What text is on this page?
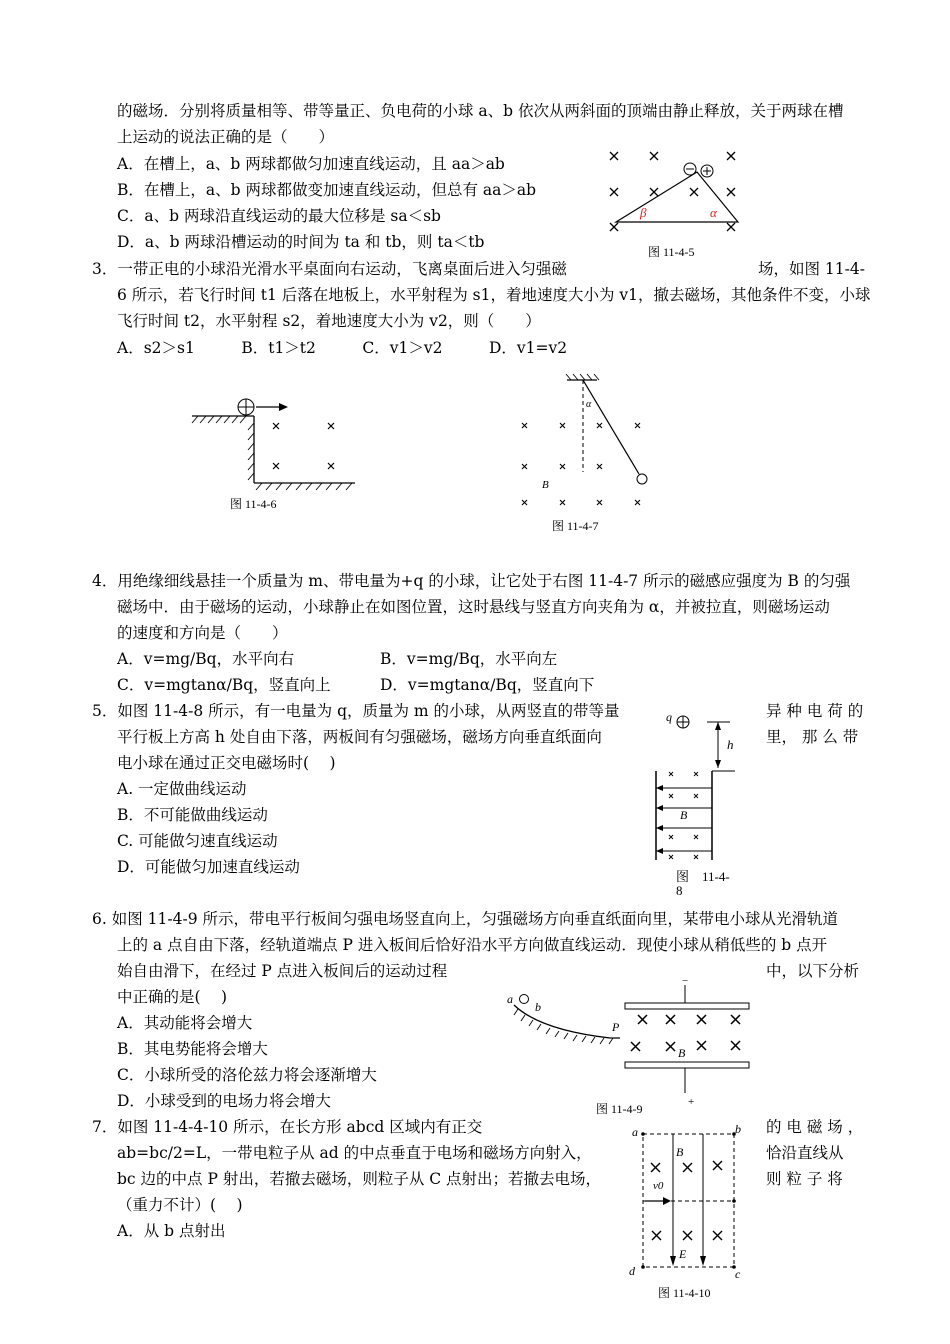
的磁场．分别将质量相等、带等量正、负电荷的小球 a、b 依次从两斜面的顶端由静止释放，关于两球在槽
上运动的说法正确的是（　　）
A．在槽上，a、b 两球都做匀加速直线运动，且 aa＞ab
B．在槽上，a、b 两球都做变加速直线运动，但总有 aa＞ab
C．a、b 两球沿直线运动的最大位移是 sa＜sb
D．a、b 两球沿槽运动的时间为 ta 和 tb，则 ta＜tb
β	α
图 11-4-5
3．一带正电的小球沿光滑水平桌面向右运动，飞离桌面后进入匀强磁	场，如图 11-4-
6 所示，若飞行时间 t1 后落在地板上，水平射程为 s1，着地速度大小为 v1，撤去磁场，其他条件不变，小球
飞行时间 t2，水平射程 s2，着地速度大小为 v2，则（　　）
A．s2＞s1　　　B．t1＞t2　　　C．v1＞v2　　　D．v1=v2
图 11-4-6
α
B
图 11-4-7
4．用绝缘细线悬挂一个质量为 m、带电量为+q 的小球，让它处于右图 11-4-7 所示的磁感应强度为 B 的匀强
磁场中．由于磁场的运动，小球静止在如图位置，这时悬线与竖直方向夹角为 α，并被拉直，则磁场运动
的速度和方向是（　　）
A．v=mg/Bq，水平向右	B．v=mg/Bq，水平向左
C．v=mgtanα/Bq，竖直向上	D．v=mgtanα/Bq，竖直向下
5．如图 11-4-8 所示，有一电量为 q，质量为 m 的小球，从两竖直的带等量	异 种 电 荷 的
平行板上方高 h 处自由下落，两板间有匀强磁场，磁场方向垂直纸面向	里， 那 么 带
电小球在通过正交电磁场时(　 )
A. 一定做曲线运动
B．不可能做曲线运动
C. 可能做匀速直线运动
D．可能做匀加速直线运动
q
h
B
图　11-4-
8
6. 如图 11-4-9 所示，带电平行板间匀强电场竖直向上，匀强磁场方向垂直纸面向里，某带电小球从光滑轨道
上的 a 点自由下落，经轨道端点 P 进入板间后恰好沿水平方向做直线运动．现使小球从稍低些的 b 点开
始自由滑下，在经过 P 点进入板间后的运动过程	中，以下分析
中正确的是(　 )
A．其动能将会增大
B．其电势能将会增大
C．小球所受的洛伦兹力将会逐渐增大
D．小球受到的电场力将会增大
−
+
a
b
P
B
图 11-4-9
7．如图 11-4-4-10 所示，在长方形 abcd 区域内有正交	的 电 磁 场 ，
ab=bc/2=L，一带电粒子从 ad 的中点垂直于电场和磁场方向射入，	恰沿直线从
bc 边的中点 P 射出，若撤去磁场，则粒子从 C 点射出；若撤去电场，	则 粒 子 将
（重力不计）(　 )
A．从 b 点射出
a	b
c
d
v0
B
E
图 11-4-10
